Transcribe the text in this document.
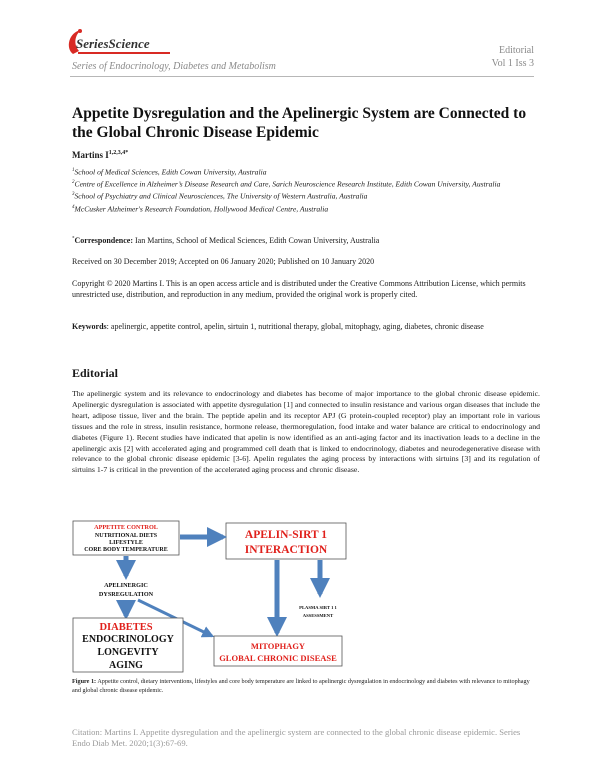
SeriesScience
Series of Endocrinology, Diabetes and Metabolism
Editorial
Vol 1 Iss 3
Appetite Dysregulation and the Apelinergic System are Connected to the Global Chronic Disease Epidemic
Martins $I^{1,2,3,4*}$
$^1$School of Medical Sciences, Edith Cowan University, Australia
$^2$Centre of Excellence in Alzheimer’s Disease Research and Care, Sarich Neuroscience Research Institute, Edith Cowan University, Australia
$^3$School of Psychiatry and Clinical Neurosciences, The University of Western Australia, Australia
$^4$McCusker Alzheimer's Research Foundation, Hollywood Medical Centre, Australia
*Correspondence: Ian Martins, School of Medical Sciences, Edith Cowan University, Australia
Received on 30 December 2019; Accepted on 06 January 2020; Published on 10 January 2020
Copyright © 2020 Martins I. This is an open access article and is distributed under the Creative Commons Attribution License, which permits unrestricted use, distribution, and reproduction in any medium, provided the original work is properly cited.
Keywords: apelinergic, appetite control, apelin, sirtuin 1, nutritional therapy, global, mitophagy, aging, diabetes, chronic disease
Editorial
The apelinergic system and its relevance to endocrinology and diabetes has become of major importance to the global chronic disease epidemic. Apelinergic dysregulation is associated with appetite dysregulation [1] and connected to insulin resistance and various organ diseases that include the heart, adipose tissue, liver and the brain. The peptide apelin and its receptor APJ (G protein-coupled receptor) play an important role in various tissues and the role in stress, insulin resistance, hormone release, thermoregulation, food intake and water balance are critical to endocrinology and diabetes (Figure 1). Recent studies have indicated that apelin is now identified as an anti-aging factor and its inactivation leads to a decline in the apelinergic axis [2] with accelerated aging and programmed cell death that is linked to endocrinology, diabetes and neurodegenerative disease with relevance to the global chronic disease epidemic [3-6]. Apelin regulates the aging process by interactions with sirtuins [3] and its regulation of sirtuins 1-7 is critical in the prevention of the accelerated aging process and chronic disease.
APPETITE CONTROL
NUTRITIONAL DIETS
LIFESTYLE
CORE BODY TEMPERATURE
APELIN-SIRT 1
INTERACTION
APELINERGIC
DYSREGULATION
PLASMA SIRT 1 1
ASSESSMENT
DIABETES
ENDOCRINOLOGY
LONGEVITY
AGING
MITOPHAGY
GLOBAL CHRONIC DISEASE
Figure 1: Appetite control, dietary interventions, lifestyles and core body temperature are linked to apelinergic dysregulation in endocrinology and diabetes with relevance to mitophagy and global chronic disease epidemic.
Citation: Martins I. Appetite dysregulation and the apelinergic system are connected to the global chronic disease epidemic. Series Endo Diab Met. 2020;1(3):67-69.
